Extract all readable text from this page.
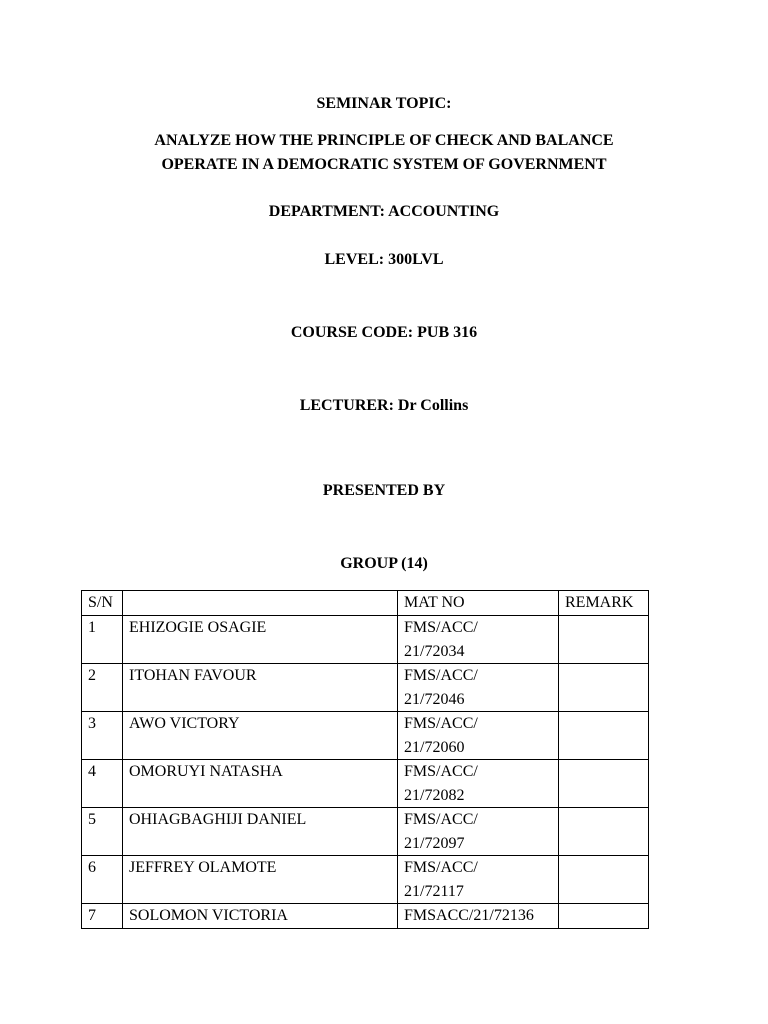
SEMINAR TOPIC:
ANALYZE HOW THE PRINCIPLE OF CHECK AND BALANCE
OPERATE IN A DEMOCRATIC SYSTEM OF GOVERNMENT
DEPARTMENT: ACCOUNTING
LEVEL: 300LVL
COURSE CODE: PUB 316
LECTURER: Dr Collins
PRESENTED BY
GROUP (14)
S/N		MAT NO	REMARK
1	EHIZOGIE OSAGIE	FMS/ACC/
21/72034	

2	ITOHAN FAVOUR	FMS/ACC/
21/72046	

3	AWO VICTORY	FMS/ACC/
21/72060	

4	OMORUYI NATASHA	FMS/ACC/
21/72082	

5	OHIAGBAGHIJI DANIEL	FMS/ACC/
21/72097	

6	JEFFREY OLAMOTE	FMS/ACC/
21/72117	

7	SOLOMON VICTORIA	FMSACC/21/72136	
